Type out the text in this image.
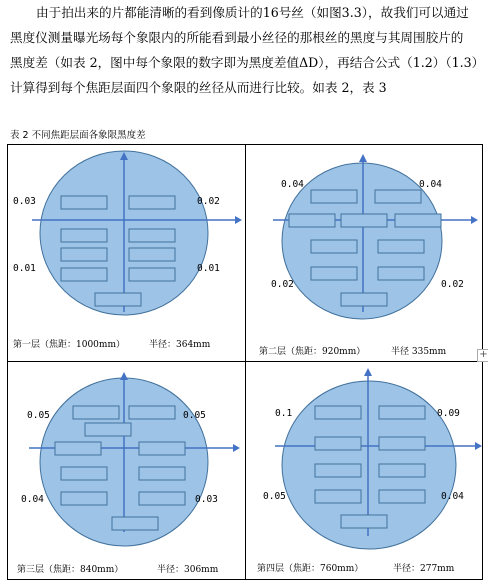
由于拍出来的片都能清晰的看到像质计的16号丝（如图3.3），故我们可以通过
黑度仪测量曝光场每个象限内的所能看到最小丝径的那根丝的黑度与其周围胶片的
黑度差（如表 2，图中每个象限的数字即为黑度差值ΔD），再结合公式（1.2）（1.3）
计算得到每个焦距层面四个象限的丝径从而进行比较。如表 2，表 3
表 2 不同焦距层面各象限黑度差
0.03	0.02
0.01	0.01
第一层（焦距：1000mm）	半径：364mm
0.04	0.04
0.02	0.02
第二层（焦距：920mm）	半径 335mm
0.05	0.05
0.04	0.03
第三层（焦距：840mm）	半径：306mm
0.1	0.09
0.05	0.04
第四层（焦距：760mm）	半径：277mm
+
